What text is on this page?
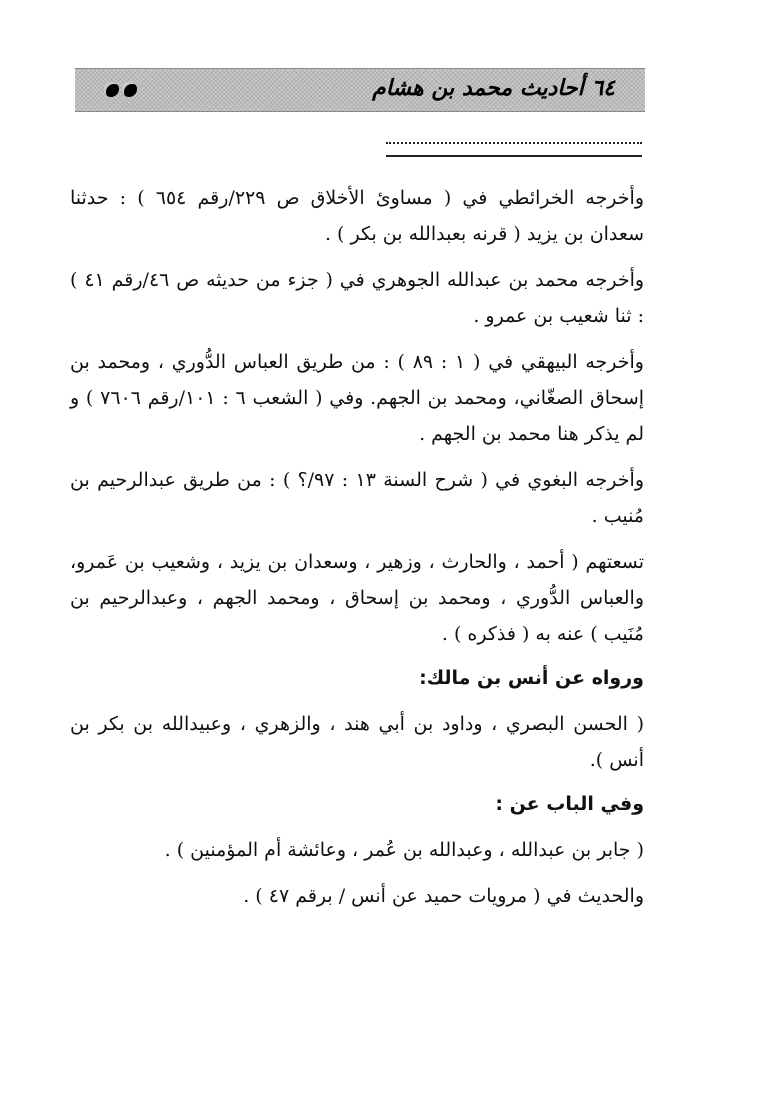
٦٤ أحاديث محمد بن هشام

وأخرجه الخرائطي في ( مساوئ الأخلاق ص ٢٢٩/رقم ٦٥٤ ) : حدثنا سعدان بن يزيد ( قرنه بعبدالله بن بكر ) .

وأخرجه محمد بن عبدالله الجوهري في ( جزء من حديثه ص ٤٦/رقم ٤١ ) : ثنا شعيب بن عمرو .

وأخرجه البيهقي في ( ١ : ٨٩ ) : من طريق العباس الدُّوري ، ومحمد بن إسحاق الصغّاني، ومحمد بن الجهم. وفي ( الشعب ٦ : ١٠١/رقم ٧٦٠٦ ) و لم يذكر هنا محمد بن الجهم .

وأخرجه البغوي في ( شرح السنة ١٣ : ٩٧/؟ ) : من طريق عبدالرحيم بن مُنيب .

تسعتهم ( أحمد ، والحارث ، وزهير ، وسعدان بن يزيد ، وشعيب بن عَمرو، والعباس الدُّوري ، ومحمد بن إسحاق ، ومحمد الجهم ، وعبدالرحيم بن مُنَيب ) عنه به ( فذكره ) .

ورواه عن أنس بن مالك:

( الحسن البصري ، وداود بن أبي هند ، والزهري ، وعبيدالله بن بكر بن أنس ).

وفي الباب عن :

( جابر بن عبدالله ، وعبدالله بن عُمر ، وعائشة أم المؤمنين ) .

والحديث في ( مرويات حميد عن أنس / برقم ٤٧ ) .
